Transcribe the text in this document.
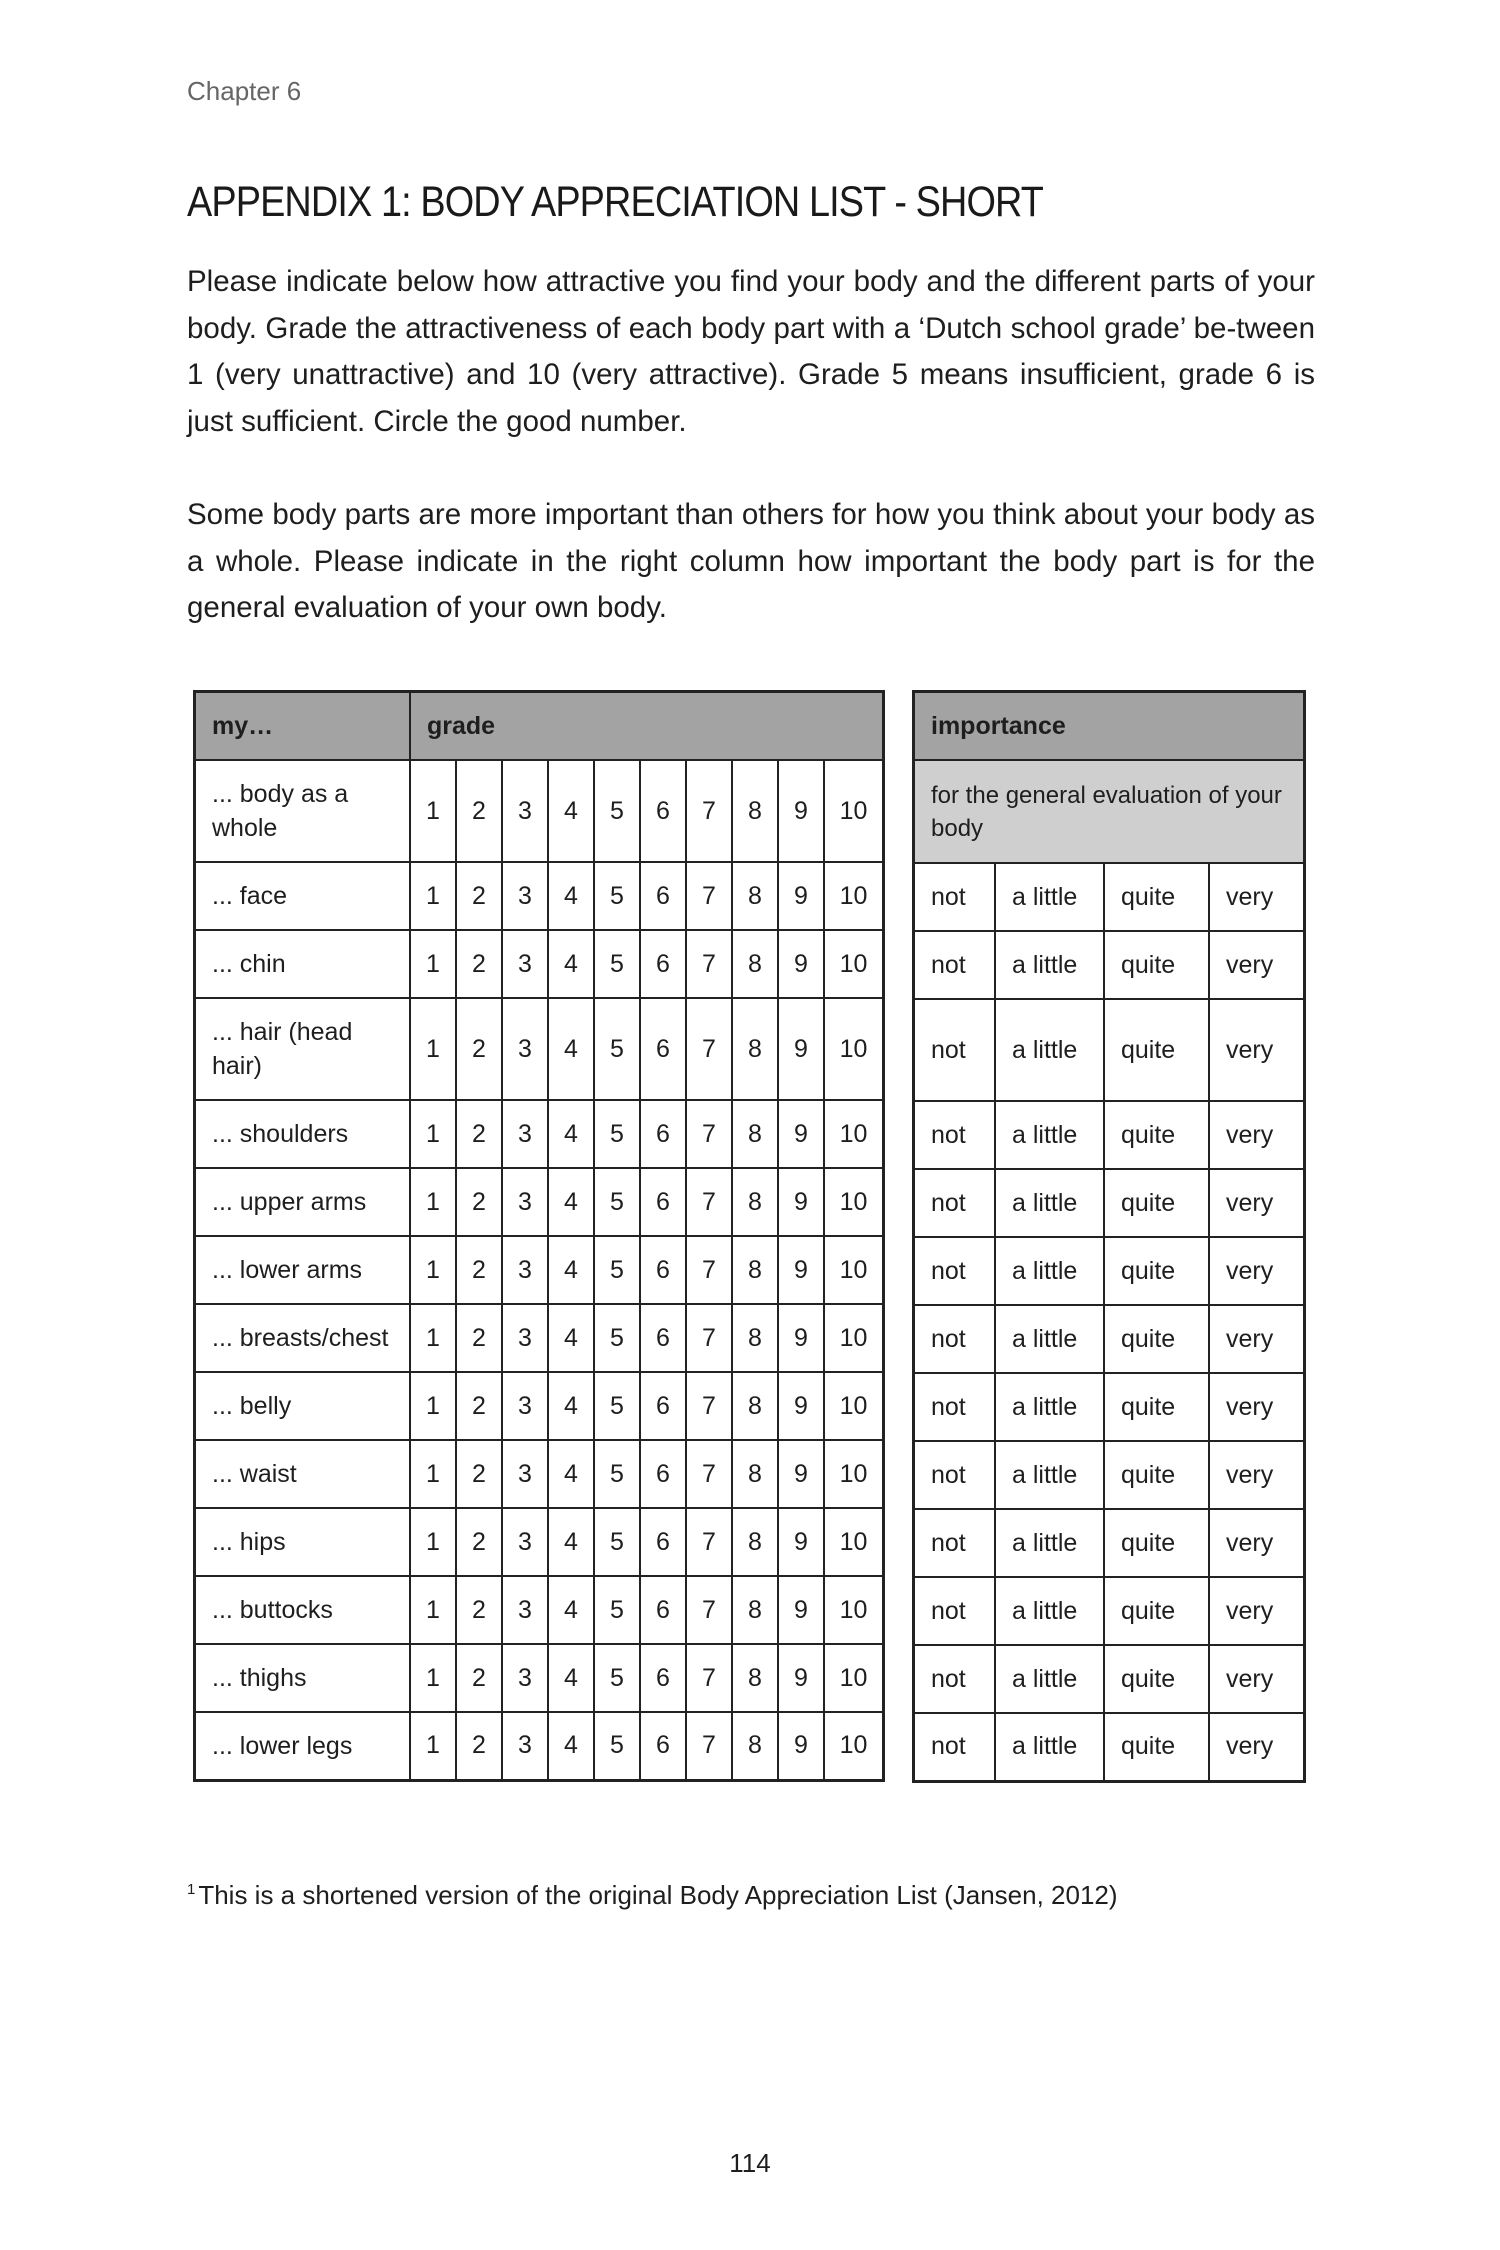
Chapter 6
APPENDIX 1: BODY APPRECIATION LIST - SHORT

Please indicate below how attractive you find your body and the different parts of your body. Grade the attractiveness of each body part with a ‘Dutch school grade’ be-tween 1 (very unattractive) and 10 (very attractive). Grade 5 means insufficient, grade 6 is just sufficient. Circle the good number.

Some body parts are more important than others for how you think about your body as a whole. Please indicate in the right column how important the body part is for the general evaluation of your own body.

my…	grade									

... body as a whole	1	2	3	4	5	6	7	8	9	10

... face	1	2	3	4	5	6	7	8	9	10

... chin	1	2	3	4	5	6	7	8	9	10

... hair (head hair)	1	2	3	4	5	6	7	8	9	10

... shoulders	1	2	3	4	5	6	7	8	9	10

... upper arms	1	2	3	4	5	6	7	8	9	10

... lower arms	1	2	3	4	5	6	7	8	9	10

... breasts/chest	1	2	3	4	5	6	7	8	9	10

... belly	1	2	3	4	5	6	7	8	9	10

... waist	1	2	3	4	5	6	7	8	9	10

... hips	1	2	3	4	5	6	7	8	9	10

... buttocks	1	2	3	4	5	6	7	8	9	10

... thighs	1	2	3	4	5	6	7	8	9	10

... lower legs	1	2	3	4	5	6	7	8	9	10
importance			

for the general evaluation of your body			

not	a little	quite	very
not	a little	quite	very
not	a little	quite	very
not	a little	quite	very
not	a little	quite	very
not	a little	quite	very
not	a little	quite	very
not	a little	quite	very
not	a little	quite	very
not	a little	quite	very
not	a little	quite	very
not	a little	quite	very
not	a little	quite	very
$^1$ This is a shortened version of the original Body Appreciation List (Jansen, 2012)
114
